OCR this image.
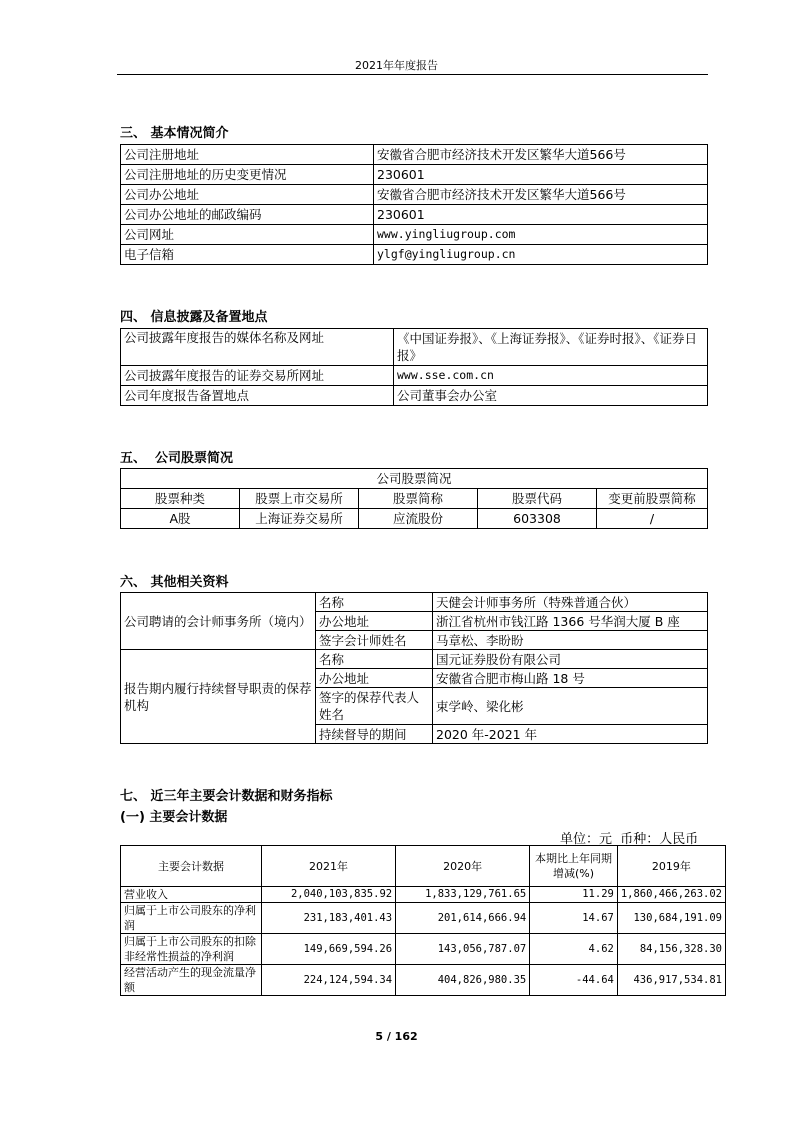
2021年年度报告
三、 基本情况简介
公司注册地址	安徽省合肥市经济技术开发区繁华大道566号
公司注册地址的历史变更情况	230601
公司办公地址	安徽省合肥市经济技术开发区繁华大道566号
公司办公地址的邮政编码	230601
公司网址	www.yingliugroup.com
电子信箱	ylgf@yingliugroup.cn
四、 信息披露及备置地点
公司披露年度报告的媒体名称及网址	《中国证券报》、《上海证券报》、《证券时报》、《证券日报》
公司披露年度报告的证券交易所网址	www.sse.com.cn
公司年度报告备置地点	公司董事会办公室
五、  公司股票简况
公司股票简况				
股票种类	股票上市交易所	股票简称	股票代码	变更前股票简称
A股	上海证券交易所	应流股份	603308	/
六、 其他相关资料
公司聘请的会计师事务所（境内）	名称	天健会计师事务所（特殊普通合伙）
	办公地址	浙江省杭州市钱江路 1366 号华润大厦 B 座
	签字会计师姓名	马章松、李盼盼
报告期内履行持续督导职责的保荐机构	名称	国元证券股份有限公司
	办公地址	安徽省合肥市梅山路 18 号
	签字的保荐代表人姓名	束学岭、梁化彬
	持续督导的期间	2020 年-2021 年
七、 近三年主要会计数据和财务指标
(一) 主要会计数据
单位：元  币种：人民币
主要会计数据	2021年	2020年	本期比上年同期增减(%)	2019年
营业收入	2,040,103,835.92	1,833,129,761.65	11.29	1,860,466,263.02
归属于上市公司股东的净利润	231,183,401.43	201,614,666.94	14.67	130,684,191.09
归属于上市公司股东的扣除非经常性损益的净利润	149,669,594.26	143,056,787.07	4.62	84,156,328.30
经营活动产生的现金流量净额	224,124,594.34	404,826,980.35	-44.64	436,917,534.81
5 / 162
